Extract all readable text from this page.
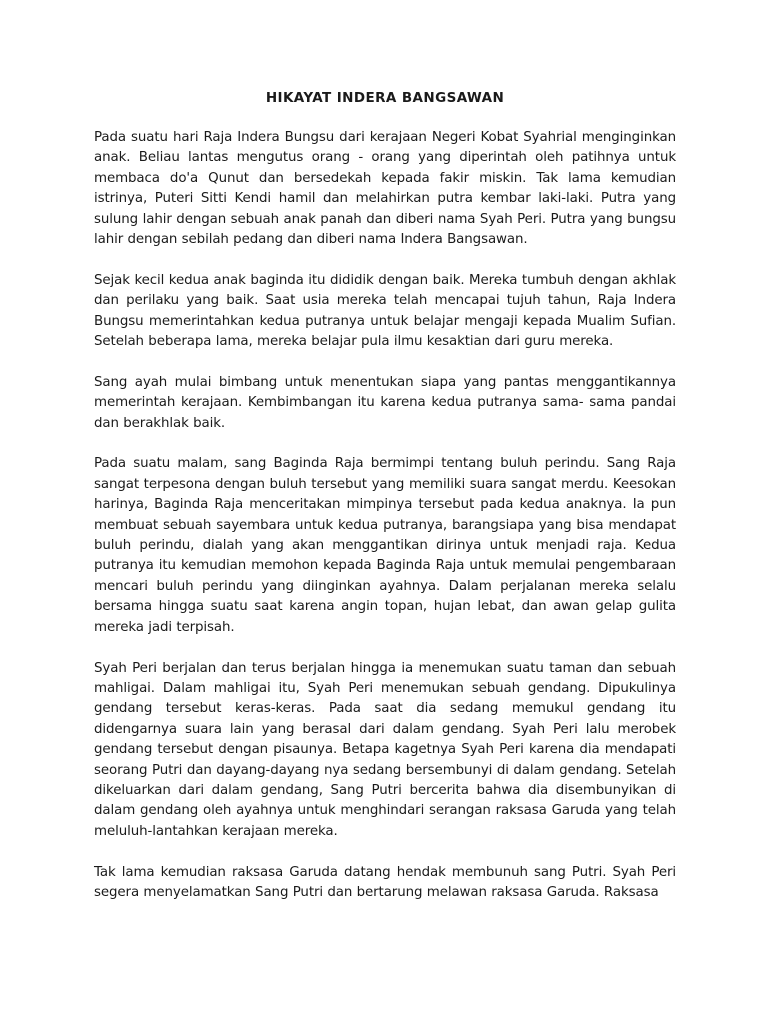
HIKAYAT INDERA BANGSAWAN

Pada suatu hari Raja Indera Bungsu dari kerajaan Negeri Kobat Syahrial menginginkan anak. Beliau lantas mengutus orang - orang yang diperintah oleh patihnya untuk membaca do'a Qunut dan bersedekah kepada fakir miskin. Tak lama kemudian istrinya, Puteri Sitti Kendi hamil dan melahirkan putra kembar laki-laki. Putra yang sulung lahir dengan sebuah anak panah dan diberi nama Syah Peri. Putra yang bungsu lahir dengan sebilah pedang dan diberi nama Indera Bangsawan.

Sejak kecil kedua anak baginda itu dididik dengan baik. Mereka tumbuh dengan akhlak dan perilaku yang baik. Saat usia mereka telah mencapai tujuh tahun, Raja Indera Bungsu memerintahkan kedua putranya untuk belajar mengaji kepada Mualim Sufian. Setelah beberapa lama, mereka belajar pula ilmu kesaktian dari guru mereka.

Sang ayah mulai bimbang untuk menentukan siapa yang pantas menggantikannya memerintah kerajaan. Kembimbangan itu karena kedua putranya sama- sama pandai dan berakhlak baik.

Pada suatu malam, sang Baginda Raja bermimpi tentang buluh perindu. Sang Raja sangat terpesona dengan buluh tersebut yang memiliki suara sangat merdu. Keesokan harinya, Baginda Raja menceritakan mimpinya tersebut pada kedua anaknya. Ia pun membuat sebuah sayembara untuk kedua putranya, barangsiapa yang bisa mendapat buluh perindu, dialah yang akan menggantikan dirinya untuk menjadi raja. Kedua putranya itu kemudian memohon kepada Baginda Raja untuk memulai pengembaraan mencari buluh perindu yang diinginkan ayahnya. Dalam perjalanan mereka selalu bersama hingga suatu saat karena angin topan, hujan lebat, dan awan gelap gulita mereka jadi terpisah.

Syah Peri berjalan dan terus berjalan hingga ia menemukan suatu taman dan sebuah mahligai. Dalam mahligai itu, Syah Peri menemukan sebuah gendang. Dipukulinya gendang tersebut keras-keras. Pada saat dia sedang memukul gendang itu didengarnya suara lain yang berasal dari dalam gendang. Syah Peri lalu merobek gendang tersebut dengan pisaunya. Betapa kagetnya Syah Peri karena dia mendapati seorang Putri dan dayang-dayang nya sedang bersembunyi di dalam gendang. Setelah dikeluarkan dari dalam gendang, Sang Putri bercerita bahwa dia disembunyikan di dalam gendang oleh ayahnya untuk menghindari serangan raksasa Garuda yang telah meluluh-lantahkan kerajaan mereka.

Tak lama kemudian raksasa Garuda datang hendak membunuh sang Putri. Syah Peri segera menyelamatkan Sang Putri dan bertarung melawan raksasa Garuda. Raksasa
